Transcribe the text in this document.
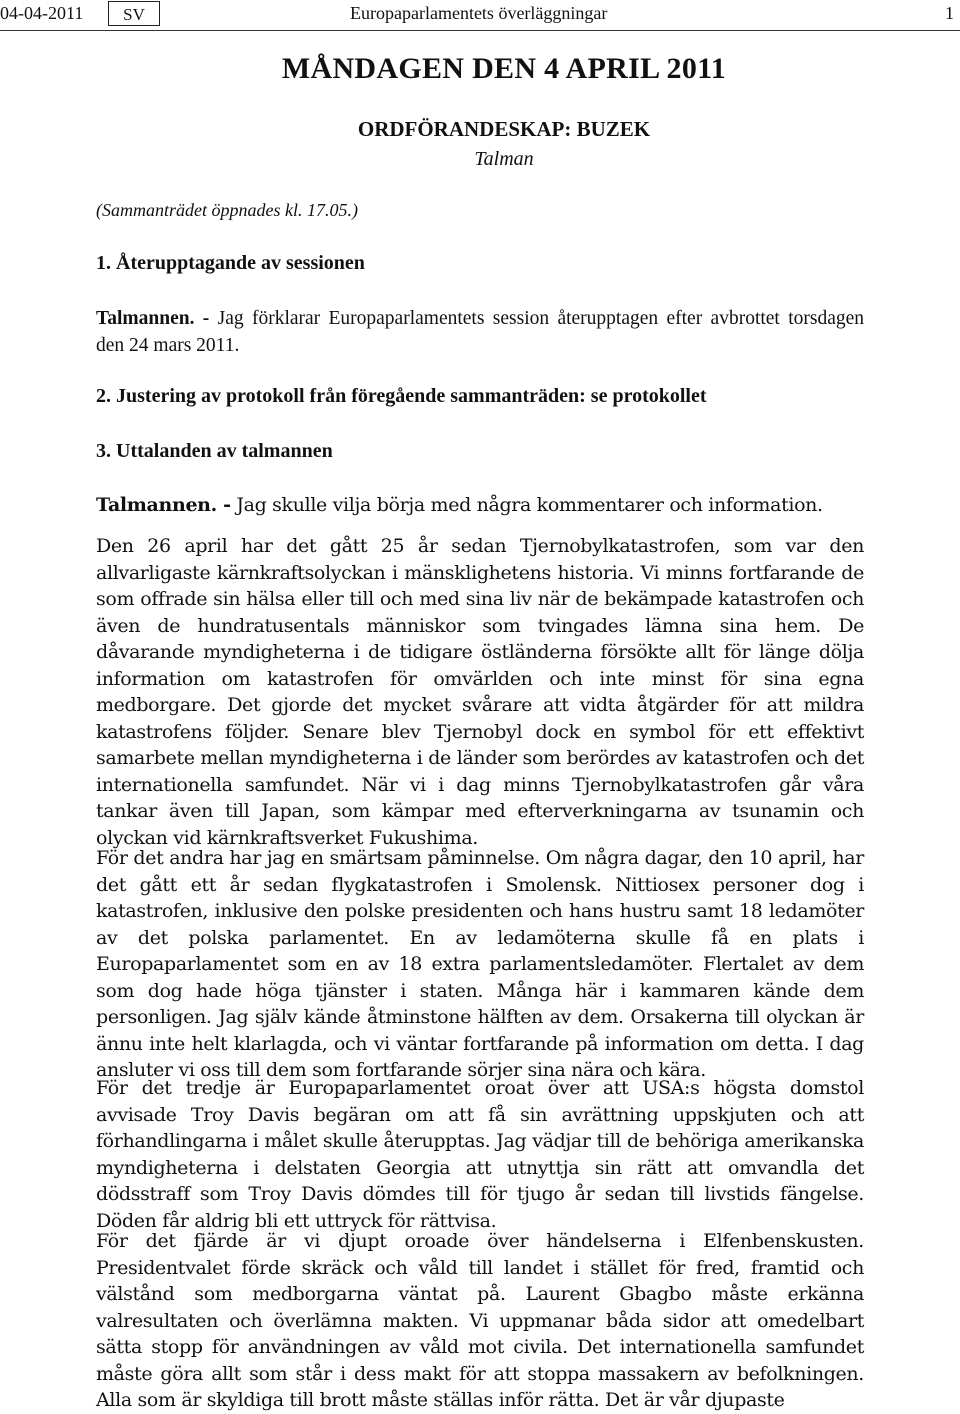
04-04-2011	SV	Europaparlamentets överläggningar	1
MÅNDAGEN DEN 4 APRIL 2011
ORDFÖRANDESKAP: BUZEK
Talman
(Sammanträdet öppnades kl. 17.05.)
1. Återupptagande av sessionen

Talmannen. - Jag förklarar Europaparlamentets session återupptagen efter avbrottet torsdagen den 24 mars 2011.

2. Justering av protokoll från föregående sammanträden: se protokollet
3. Uttalanden av talmannen

Talmannen. - Jag skulle vilja börja med några kommentarer och information.

Den 26 april har det gått 25 år sedan Tjernobylkatastrofen, som var den allvarligaste kärnkraftsolyckan i mänsklighetens historia. Vi minns fortfarande de som offrade sin hälsa eller till och med sina liv när de bekämpade katastrofen och även de hundratusentals människor som tvingades lämna sina hem. De dåvarande myndigheterna i de tidigare östländerna försökte allt för länge dölja information om katastrofen för omvärlden och inte minst för sina egna medborgare. Det gjorde det mycket svårare att vidta åtgärder för att mildra katastrofens följder. Senare blev Tjernobyl dock en symbol för ett effektivt samarbete mellan myndigheterna i de länder som berördes av katastrofen och det internationella samfundet. När vi i dag minns Tjernobylkatastrofen går våra tankar även till Japan, som kämpar med efterverkningarna av tsunamin och olyckan vid kärnkraftsverket Fukushima.

För det andra har jag en smärtsam påminnelse. Om några dagar, den 10 april, har det gått ett år sedan flygkatastrofen i Smolensk. Nittiosex personer dog i katastrofen, inklusive den polske presidenten och hans hustru samt 18 ledamöter av det polska parlamentet. En av ledamöterna skulle få en plats i Europaparlamentet som en av 18 extra parlamentsledamöter. Flertalet av dem som dog hade höga tjänster i staten. Många här i kammaren kände dem personligen. Jag själv kände åtminstone hälften av dem. Orsakerna till olyckan är ännu inte helt klarlagda, och vi väntar fortfarande på information om detta. I dag ansluter vi oss till dem som fortfarande sörjer sina nära och kära.

För det tredje är Europaparlamentet oroat över att USA:s högsta domstol avvisade Troy Davis begäran om att få sin avrättning uppskjuten och att förhandlingarna i målet skulle återupptas. Jag vädjar till de behöriga amerikanska myndigheterna i delstaten Georgia att utnyttja sin rätt att omvandla det dödsstraff som Troy Davis dömdes till för tjugo år sedan till livstids fängelse. Döden får aldrig bli ett uttryck för rättvisa.

För det fjärde är vi djupt oroade över händelserna i Elfenbenskusten. Presidentvalet förde skräck och våld till landet i stället för fred, framtid och välstånd som medborgarna väntat på. Laurent Gbagbo måste erkänna valresultaten och överlämna makten. Vi uppmanar båda sidor att omedelbart sätta stopp för användningen av våld mot civila. Det internationella samfundet måste göra allt som står i dess makt för att stoppa massakern av befolkningen. Alla som är skyldiga till brott måste ställas inför rätta. Det är vår djupaste
